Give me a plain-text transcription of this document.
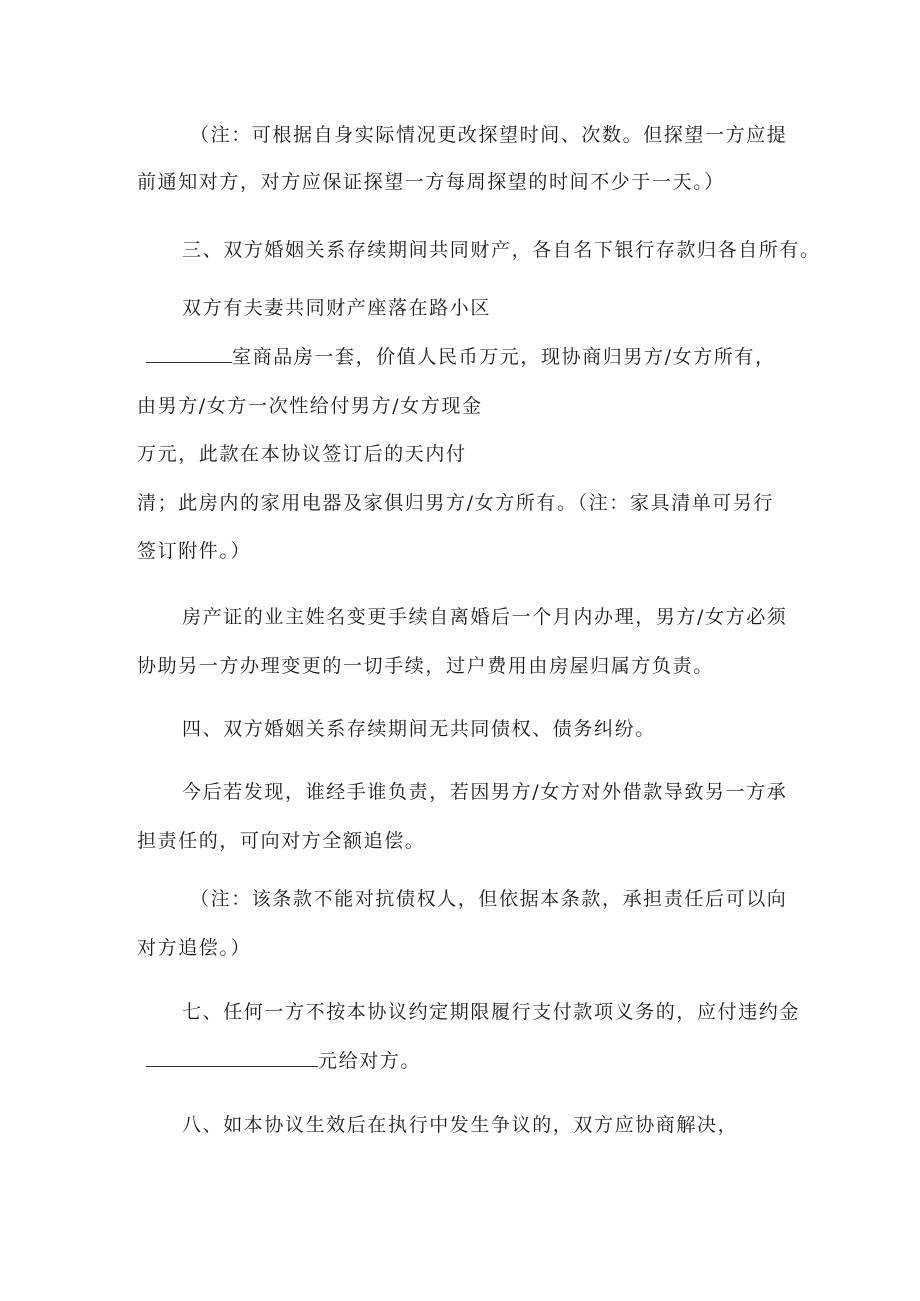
（注：可根据自身实际情况更改探望时间、次数。但探望一方应提
前通知对方，对方应保证探望一方每周探望的时间不少于一天。）
三、双方婚姻关系存续期间共同财产，各自名下银行存款归各自所有。
双方有夫妻共同财产座落在路小区
室商品房一套，价值人民币万元，现协商归男方/女方所有，
由男方/女方一次性给付男方/女方现金
万元，此款在本协议签订后的天内付
清；此房内的家用电器及家俱归男方/女方所有。（注：家具清单可另行
签订附件。）
房产证的业主姓名变更手续自离婚后一个月内办理，男方/女方必须
协助另一方办理变更的一切手续，过户费用由房屋归属方负责。
四、双方婚姻关系存续期间无共同债权、债务纠纷。
今后若发现，谁经手谁负责，若因男方/女方对外借款导致另一方承
担责任的，可向对方全额追偿。
（注：该条款不能对抗债权人，但依据本条款，承担责任后可以向
对方追偿。）
七、任何一方不按本协议约定期限履行支付款项义务的，应付违约金
元给对方。
八、如本协议生效后在执行中发生争议的，双方应协商解决，
